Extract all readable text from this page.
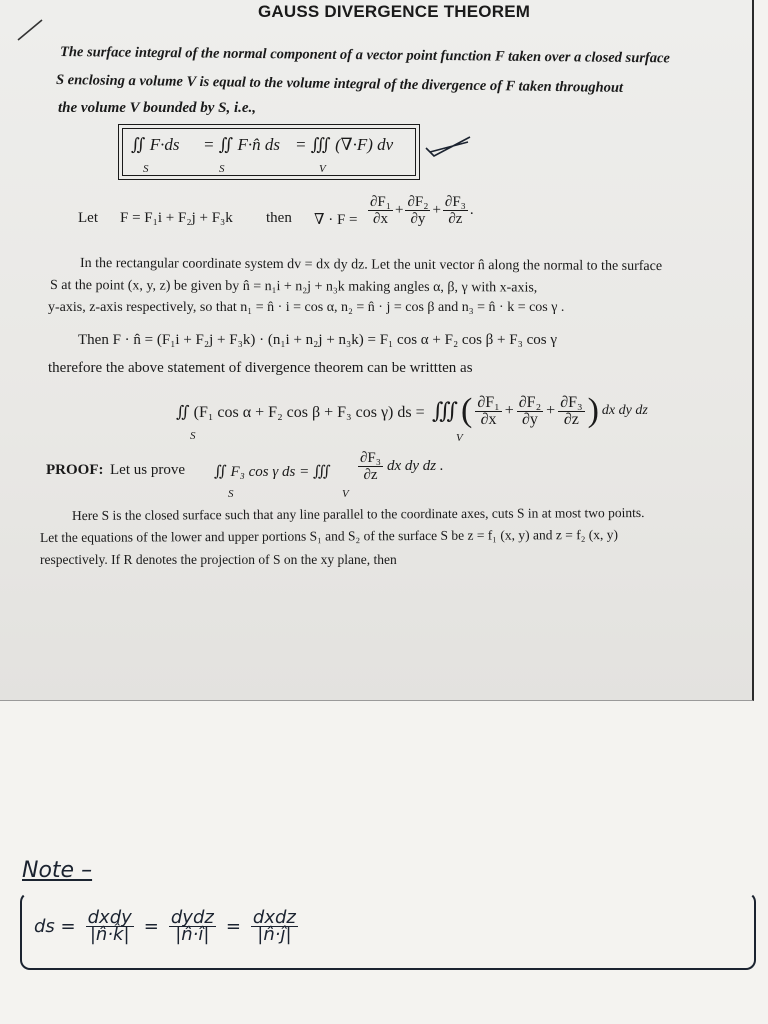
GAUSS DIVERGENCE THEOREM
The surface integral of the normal component of a vector point function F taken over a closed surface
S enclosing a volume V is equal to the volume integral of the divergence of F taken throughout
the volume V bounded by S, i.e.,
∬ F·ds = ∬ F·n̂ ds = ∭ (∇·F) dv
S	S	V
Let F = F₁i + F₂j + F₃k then ∇ · $F = \frac{\text{∂F₁}}{\partial x} + \frac{\text{∂F₂}}{\partial y} + \frac{\text{∂F₃}}{\partial z}$ .
In the rectangular coordinate system dv = dx dy dz. Let the unit vector n̂ along the normal to the surface
S at the point (x, y, z) be given by n̂ = n₁i + n₂j + n₃k making angles α, β, γ with x-axis,
y-axis, z-axis respectively, so that n₁ = n̂ · i = cos α, n₂ = n̂ · j = cos β and n₃ = n̂ · k = cos γ .
Then F · n̂ = (F₁i + F₂j + F₃k) · (n₁i + n₂j + n₃k) = F₁ cos α + F₂ cos β + F₃ cos γ
therefore the above statement of divergence theorem can be writtten as
∬ (F₁ cos α + F₂ cos β + F₃ cos γ) ds =
S
∭ ( $\frac{\text{∂F₁}}{\partial x} + \frac{\text{∂F₂}}{\partial y} + \frac{\text{∂F₃}}{\partial z}$ ) dx dy dz
V
PROOF: Let us prove ∬ F₃ cos γ ds = ∭ $\frac{\text{∂F₃}}{\partial z}$ dx dy dz .
S	V
Here S is the closed surface such that any line parallel to the coordinate axes, cuts S in at most two points.
Let the equations of the lower and upper portions S₁ and S₂ of the surface S be z = f₁ (x, y) and z = f₂ (x, y)
respectively. If R denotes the projection of S on the xy plane, then
Note –
ds = $\frac{\text{dxdy}}{|n̂\cdot k̂|} = \frac{\text{dydz}}{|n̂\cdot î|} = \frac{\text{dxdz}}{|n̂\cdot ĵ|}$
